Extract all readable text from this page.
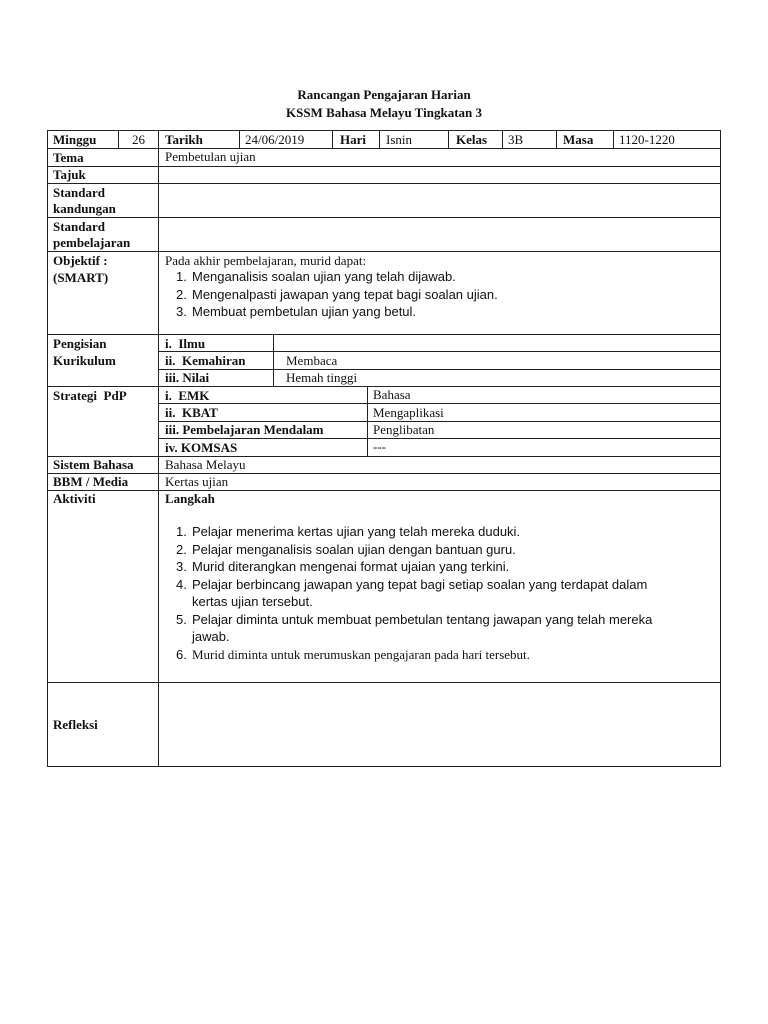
Rancangan Pengajaran Harian
KSSM Bahasa Melayu Tingkatan 3
Minggu	26 Tarikh	24/06/2019	Hari Isnin	Kelas 3B	Masa 1120-1220
Tema	Pembetulan ujian
Tajuk
Standard
kandungan
Standard
pembelajaran
Objektif :
(SMART)
Pada akhir pembelajaran, murid dapat:
1. Menganalisis soalan ujian yang telah dijawab.
2. Mengenalpasti jawapan yang tepat bagi soalan ujian.
3. Membuat pembetulan ujian yang betul.
Pengisian
Kurikulum
i.  Ilmu
ii.  Kemahiran	Membaca
iii. Nilai	Hemah tinggi
Strategi  PdP	i.  EMK	Bahasa
ii.  KBAT	Mengaplikasi
iii. Pembelajaran Mendalam	Penglibatan
iv. KOMSAS	---
Sistem Bahasa Bahasa Melayu
BBM / Media	Kertas ujian
Aktiviti	Langkah
1. Pelajar menerima kertas ujian yang telah mereka duduki.
2. Pelajar menganalisis soalan ujian dengan bantuan guru.
3. Murid diterangkan mengenai format ujaian yang terkini.
4. Pelajar berbincang jawapan yang tepat bagi setiap soalan yang terdapat dalam
kertas ujian tersebut.
5. Pelajar diminta untuk membuat pembetulan tentang jawapan yang telah mereka
jawab.
6. Murid diminta untuk merumuskan pengajaran pada hari tersebut.
Refleksi
